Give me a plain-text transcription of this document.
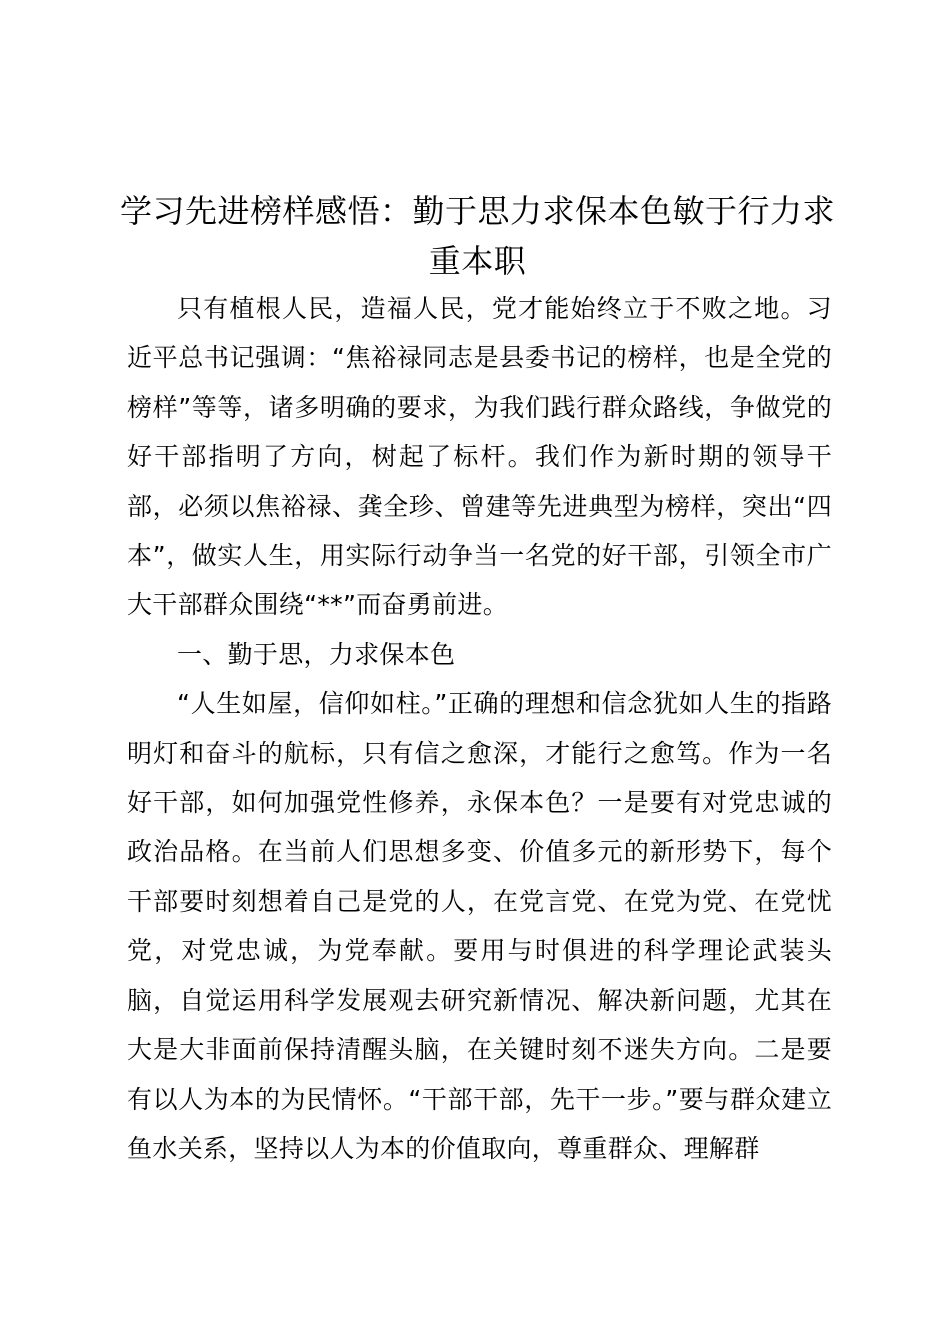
学习先进榜样感悟：勤于思力求保本色敏于行力求重本职

只有植根人民，造福人民，党才能始终立于不败之地。习近平总书记强调：“焦裕禄同志是县委书记的榜样，也是全党的榜样”等等，诸多明确的要求，为我们践行群众路线，争做党的好干部指明了方向，树起了标杆。我们作为新时期的领导干部，必须以焦裕禄、龚全珍、曾建等先进典型为榜样，突出“四本”，做实人生，用实际行动争当一名党的好干部，引领全市广大干部群众围绕“**”而奋勇前进。

一、勤于思，力求保本色

“人生如屋，信仰如柱。”正确的理想和信念犹如人生的指路明灯和奋斗的航标，只有信之愈深，才能行之愈笃。作为一名好干部，如何加强党性修养，永保本色？一是要有对党忠诚的政治品格。在当前人们思想多变、价值多元的新形势下，每个干部要时刻想着自己是党的人，在党言党、在党为党、在党忧党，对党忠诚，为党奉献。要用与时俱进的科学理论武装头脑，自觉运用科学发展观去研究新情况、解决新问题，尤其在大是大非面前保持清醒头脑，在关键时刻不迷失方向。二是要有以人为本的为民情怀。“干部干部，先干一步。”要与群众建立鱼水关系，坚持以人为本的价值取向，尊重群众、理解群
